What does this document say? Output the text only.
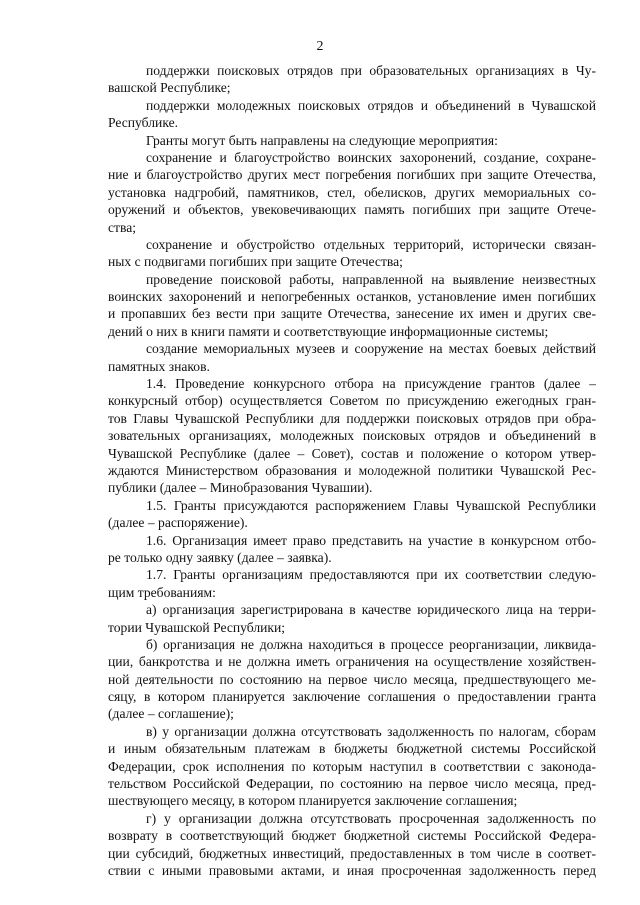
2
поддержки поисковых отрядов при образовательных организациях в Чу-
вашской Республике;
поддержки молодежных поисковых отрядов и объединений в Чувашской
Республике.
Гранты могут быть направлены на следующие мероприятия:
сохранение и благоустройство воинских захоронений, создание, сохране-
ние и благоустройство других мест погребения погибших при защите Отечества,
установка надгробий, памятников, стел, обелисков, других мемориальных со-
оружений и объектов, увековечивающих память погибших при защите Отече-
ства;
сохранение и обустройство отдельных территорий, исторически связан-
ных с подвигами погибших при защите Отечества;
проведение поисковой работы, направленной на выявление неизвестных
воинских захоронений и непогребенных останков, установление имен погибших
и пропавших без вести при защите Отечества, занесение их имен и других све-
дений о них в книги памяти и соответствующие информационные системы;
создание мемориальных музеев и сооружение на местах боевых действий
памятных знаков.
1.4. Проведение конкурсного отбора на присуждение грантов (далее –
конкурсный отбор) осуществляется Советом по присуждению ежегодных гран-
тов Главы Чувашской Республики для поддержки поисковых отрядов при обра-
зовательных организациях, молодежных поисковых отрядов и объединений в
Чувашской Республике (далее – Совет), состав и положение о котором утвер-
ждаются Министерством образования и молодежной политики Чувашской Рес-
публики (далее – Минобразования Чувашии).
1.5. Гранты присуждаются распоряжением Главы Чувашской Республики
(далее – распоряжение).
1.6. Организация имеет право представить на участие в конкурсном отбо-
ре только одну заявку (далее – заявка).
1.7. Гранты организациям предоставляются при их соответствии следую-
щим требованиям:
а) организация зарегистрирована в качестве юридического лица на терри-
тории Чувашской Республики;
б) организация не должна находиться в процессе реорганизации, ликвида-
ции, банкротства и не должна иметь ограничения на осуществление хозяйствен-
ной деятельности по состоянию на первое число месяца, предшествующего ме-
сяцу, в котором планируется заключение соглашения о предоставлении гранта
(далее – соглашение);
в) у организации должна отсутствовать задолженность по налогам, сборам
и иным обязательным платежам в бюджеты бюджетной системы Российской
Федерации, срок исполнения по которым наступил в соответствии с законода-
тельством Российской Федерации, по состоянию на первое число месяца, пред-
шествующего месяцу, в котором планируется заключение соглашения;
г) у организации должна отсутствовать просроченная задолженность по
возврату в соответствующий бюджет бюджетной системы Российской Федера-
ции субсидий, бюджетных инвестиций, предоставленных в том числе в соответ-
ствии с иными правовыми актами, и иная просроченная задолженность перед
